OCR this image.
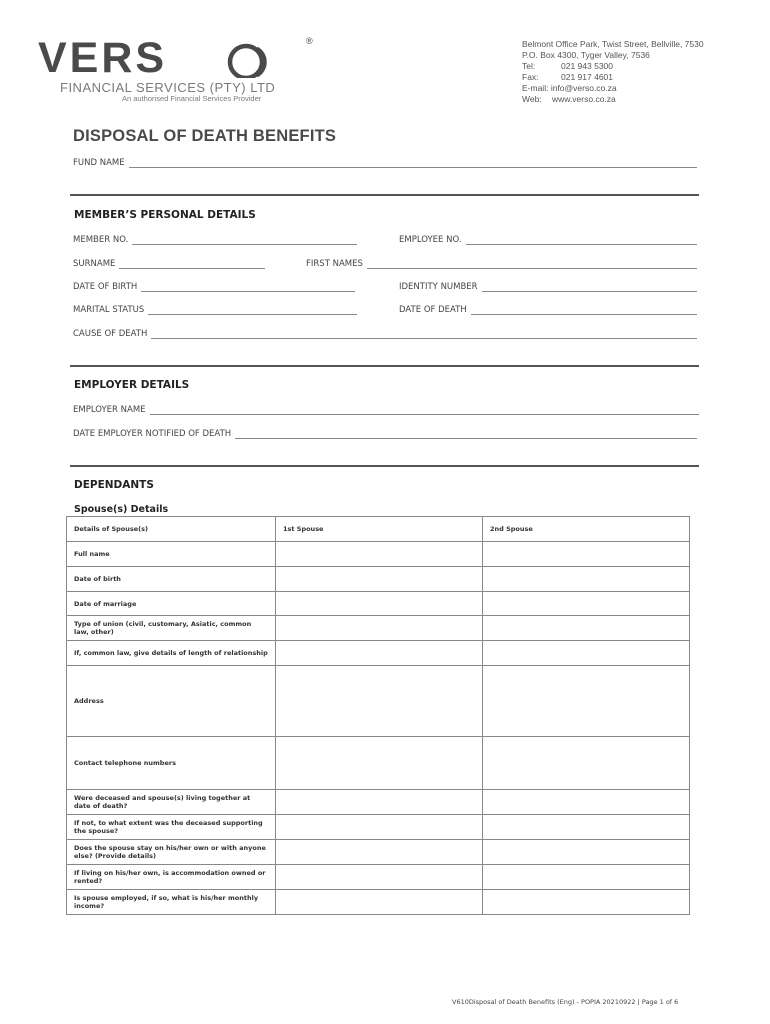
VERS	®
FINANCIAL SERVICES (PTY) LTD
An authorised Financial Services Provider
Belmont Office Park, Twist Street, Bellville, 7530
P.O. Box 4300, Tyger Valley, 7536
Tel:	021 943 5300
Fax:	021 917 4601
E-mail: info@verso.co.za
Web: www.verso.co.za
DISPOSAL OF DEATH BENEFITS
FUND NAME
MEMBER’S PERSONAL DETAILS
MEMBER NO.	EMPLOYEE NO.
SURNAME	FIRST NAMES
DATE OF BIRTH	IDENTITY NUMBER
MARITAL STATUS	DATE OF DEATH
CAUSE OF DEATH
EMPLOYER DETAILS
EMPLOYER NAME
DATE EMPLOYER NOTIFIED OF DEATH
DEPENDANTS
Spouse(s) Details
Details of Spouse(s)	1st Spouse	2nd Spouse
Full name		
Date of birth		
Date of marriage		
Type of union (civil, customary, Asiatic, common law, other)		
If, common law, give details of length of relationship		
Address		
Contact telephone numbers		
Were deceased and spouse(s) living together at date of death?		
If not, to what extent was the deceased supporting the spouse?		
Does the spouse stay on his/her own or with anyone else? (Provide details)		
If living on his/her own, is accommodation owned or rented?		
Is spouse employed, if so, what is his/her monthly income?		
V610Disposal of Death Benefits (Eng) - POPIA 20210922 | Page 1 of 6
